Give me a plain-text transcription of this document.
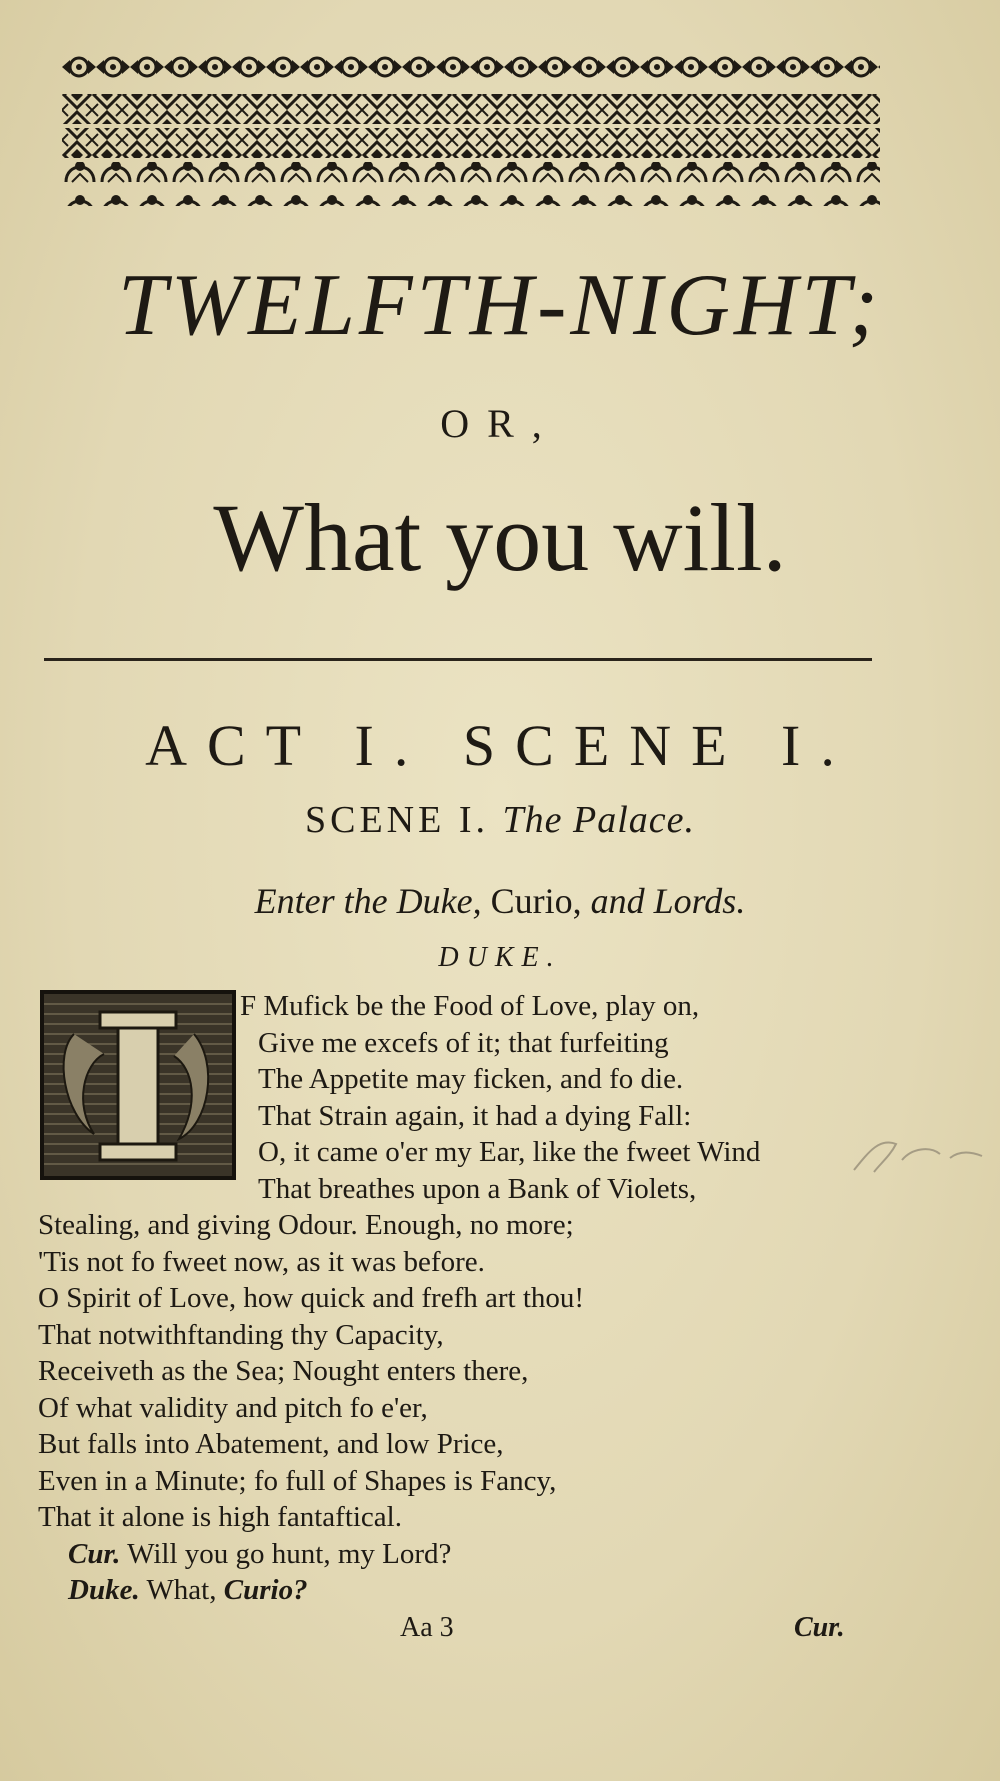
TWELFTH-NIGHT;
OR,
What you will.
ACT I. SCENE I.
SCENE I. The Palace.
Enter the Duke, Curio, and Lords.
DUKE.
F Mufick be the Food of Love, play on,
Give me excefs of it; that furfeiting
The Appetite may ficken, and fo die.
That Strain again, it had a dying Fall:
O, it came o'er my Ear, like the fweet Wind
That breathes upon a Bank of Violets,
Stealing, and giving Odour. Enough, no more;
'Tis not fo fweet now, as it was before.
O Spirit of Love, how quick and frefh art thou!
That notwithftanding thy Capacity,
Receiveth as the Sea; Nought enters there,
Of what validity and pitch fo e'er,
But falls into Abatement, and low Price,
Even in a Minute; fo full of Shapes is Fancy,
That it alone is high fantaftical.
Cur. Will you go hunt, my Lord?
Duke. What, Curio?
Aa 3	Cur.
